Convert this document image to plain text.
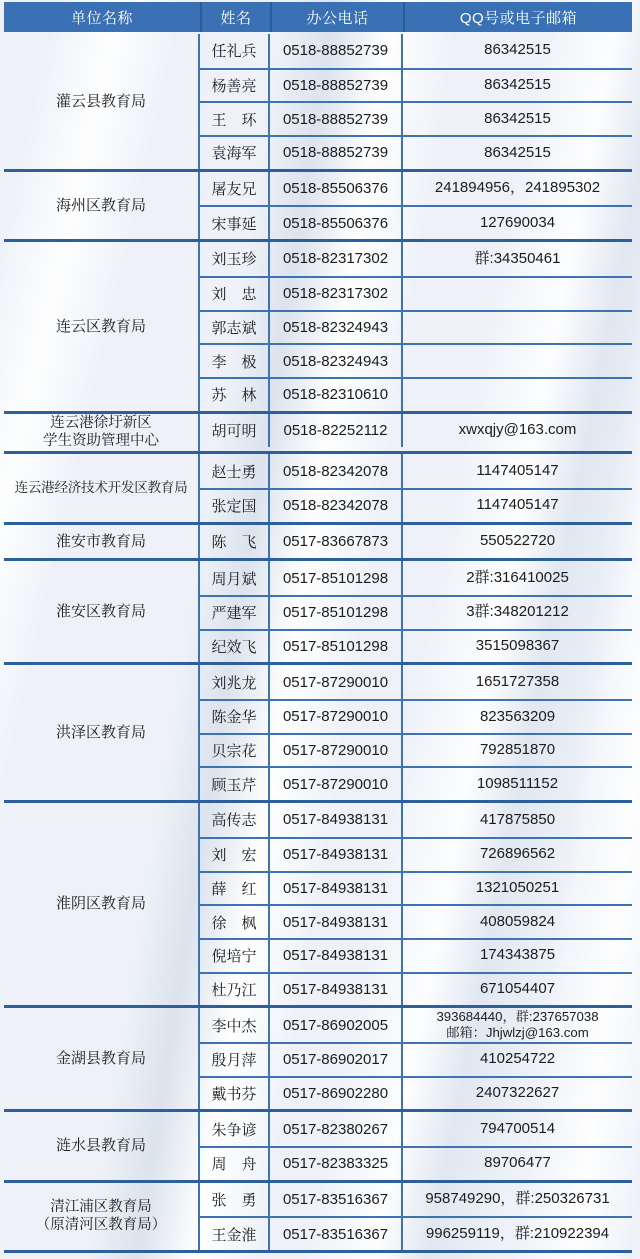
单位名称	姓名	办公电话	QQ号或电子邮箱
灌云县教育局
任礼兵	0518-88852739	86342515
杨善亮	0518-88852739	86342515
王　环	0518-88852739	86342515
袁海军	0518-88852739	86342515
海州区教育局
屠友兄	0518-85506376	241894956，241895302
宋事延	0518-85506376	127690034
连云区教育局
刘玉珍	0518-82317302	群:34350461
刘　忠	0518-82317302
郭志斌	0518-82324943
李　极	0518-82324943
苏　林	0518-82310610
连云港徐圩新区
学生资助管理中心
胡可明	0518-82252112	xwxqjy@163.com
连云港经济技术开发区教育局
赵士勇	0518-82342078	1147405147
张定国	0518-82342078	1147405147
淮安市教育局	陈　飞	0517-83667873	550522720
淮安区教育局
周月斌	0517-85101298	2群:316410025
严建军	0517-85101298	3群:348201212
纪效飞	0517-85101298	3515098367
洪泽区教育局
刘兆龙	0517-87290010	1651727358
陈金华	0517-87290010	823563209
贝宗花	0517-87290010	792851870
顾玉芹	0517-87290010	1098511152
淮阴区教育局
高传志	0517-84938131	417875850
刘　宏	0517-84938131	726896562
薛　红	0517-84938131	1321050251
徐　枫	0517-84938131	408059824
倪培宁	0517-84938131	174343875
杜乃江	0517-84938131	671054407
金湖县教育局
李中杰	0517-86902005
393684440，群:237657038
邮箱：Jhjwlzj@163.com
殷月萍	0517-86902017	410254722
戴书芬	0517-86902280	2407322627
涟水县教育局
朱争谚	0517-82380267	794700514
周　舟	0517-82383325	89706477
清江浦区教育局
（原清河区教育局）
张　勇	0517-83516367	958749290，群:250326731
王金淮	0517-83516367	996259119，群:210922394
